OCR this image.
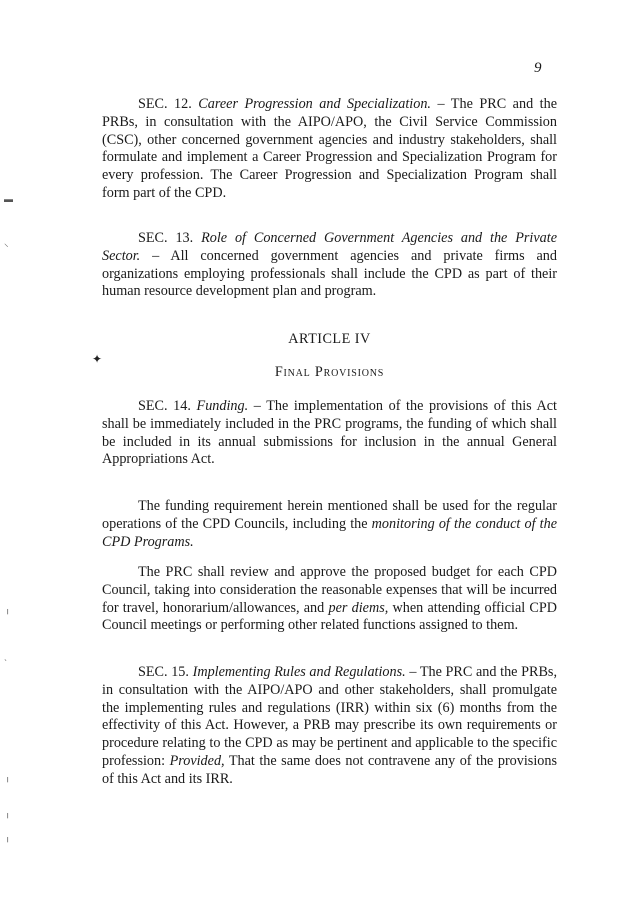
9

SEC. 12. Career Progression and Specialization. – The PRC and the PRBs, in consultation with the AIPO/APO, the Civil Service Commission (CSC), other concerned government agencies and industry stakeholders, shall formulate and implement a Career Progression and Specialization Program for every profession. The Career Progression and Specialization Program shall form part of the CPD.

SEC. 13. Role of Concerned Government Agencies and the Private Sector. – All concerned government agencies and private firms and organizations employing professionals shall include the CPD as part of their human resource development plan and program.

ARTICLE IV
Final Provisions

SEC. 14. Funding. – The implementation of the provisions of this Act shall be immediately included in the PRC programs, the funding of which shall be included in its annual submissions for inclusion in the annual General Appropriations Act.

The funding requirement herein mentioned shall be used for the regular operations of the CPD Councils, including the monitoring of the conduct of the CPD Programs.

The PRC shall review and approve the proposed budget for each CPD Council, taking into consideration the reasonable expenses that will be incurred for travel, honorarium/allowances, and per diems, when attending official CPD Council meetings or performing other related functions assigned to them.

SEC. 15. Implementing Rules and Regulations. – The PRC and the PRBs, in consultation with the AIPO/APO and other stakeholders, shall promulgate the implementing rules and regulations (IRR) within six (6) months from the effectivity of this Act. However, a PRB may prescribe its own requirements or procedure relating to the CPD as may be pertinent and applicable to the specific profession: Provided, That the same does not contravene any of the provisions of this Act and its IRR.

▬
⸌
✦
╷
ˋ
╷
╷
╷
